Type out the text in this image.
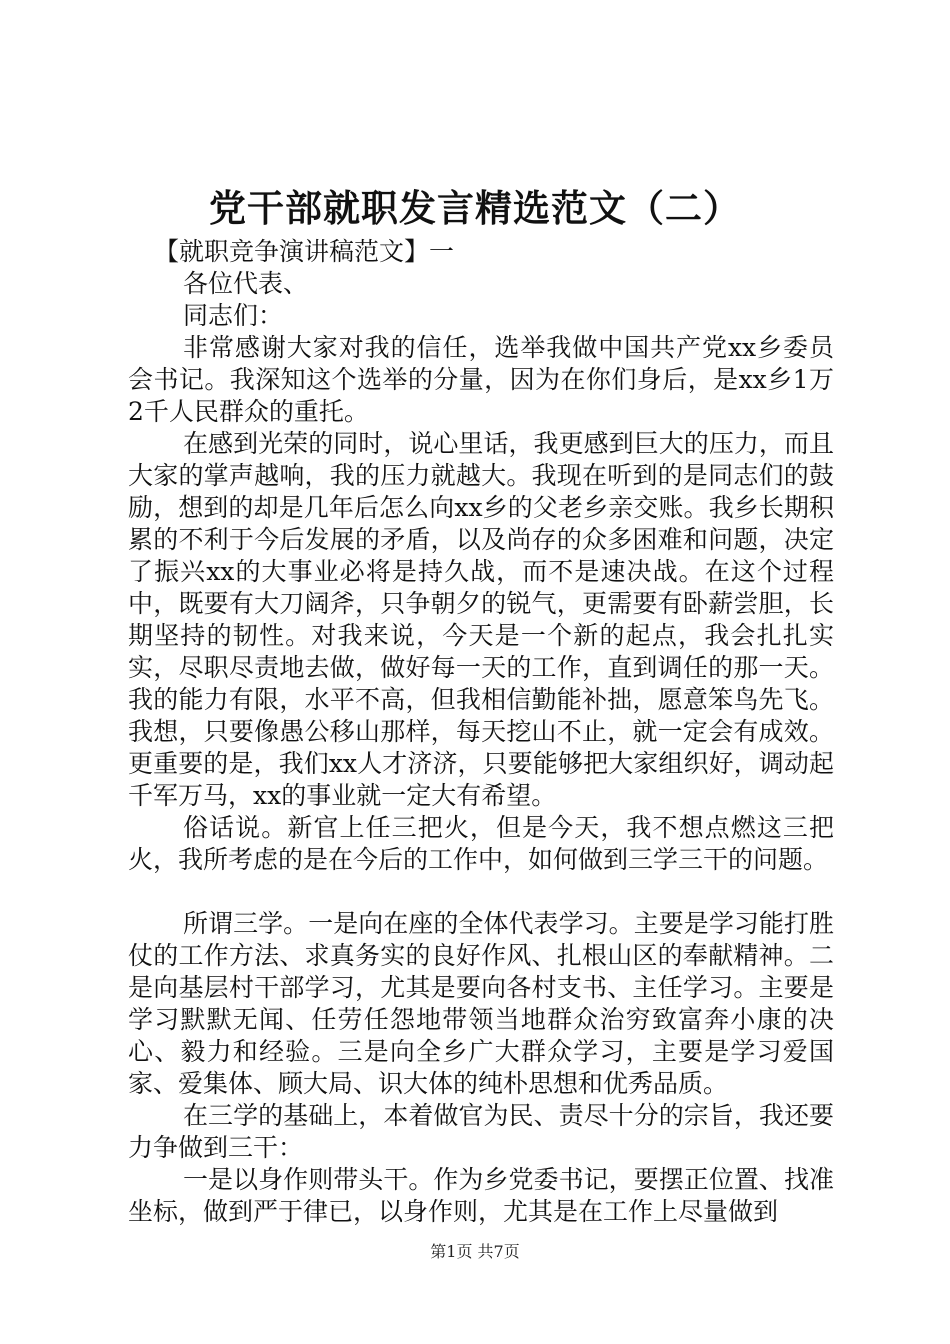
党干部就职发言精选范文（二）

【就职竞争演讲稿范文】一

各位代表、

同志们：

非常感谢大家对我的信任，选举我做中国共产党xx乡委员会书记。我深知这个选举的分量，因为在你们身后，是xx乡1万2千人民群众的重托。

在感到光荣的同时，说心里话，我更感到巨大的压力，而且大家的掌声越响，我的压力就越大。我现在听到的是同志们的鼓励，想到的却是几年后怎么向xx乡的父老乡亲交账。我乡长期积累的不利于今后发展的矛盾，以及尚存的众多困难和问题，决定了振兴xx的大事业必将是持久战，而不是速决战。在这个过程中，既要有大刀阔斧，只争朝夕的锐气，更需要有卧薪尝胆，长期坚持的韧性。对我来说，今天是一个新的起点，我会扎扎实实，尽职尽责地去做，做好每一天的工作，直到调任的那一天。我的能力有限，水平不高，但我相信勤能补拙，愿意笨鸟先飞。我想，只要像愚公移山那样，每天挖山不止，就一定会有成效。更重要的是，我们xx人才济济，只要能够把大家组织好，调动起千军万马，xx的事业就一定大有希望。

俗话说。新官上任三把火，但是今天，我不想点燃这三把火，我所考虑的是在今后的工作中，如何做到三学三干的问题。

所谓三学。一是向在座的全体代表学习。主要是学习能打胜仗的工作方法、求真务实的良好作风、扎根山区的奉献精神。二是向基层村干部学习，尤其是要向各村支书、主任学习。主要是学习默默无闻、任劳任怨地带领当地群众治穷致富奔小康的决心、毅力和经验。三是向全乡广大群众学习，主要是学习爱国家、爱集体、顾大局、识大体的纯朴思想和优秀品质。

在三学的基础上，本着做官为民、责尽十分的宗旨，我还要力争做到三干：

一是以身作则带头干。作为乡党委书记，要摆正位置、找准坐标，做到严于律已，以身作则，尤其是在工作上尽量做到

第1页 共7页
